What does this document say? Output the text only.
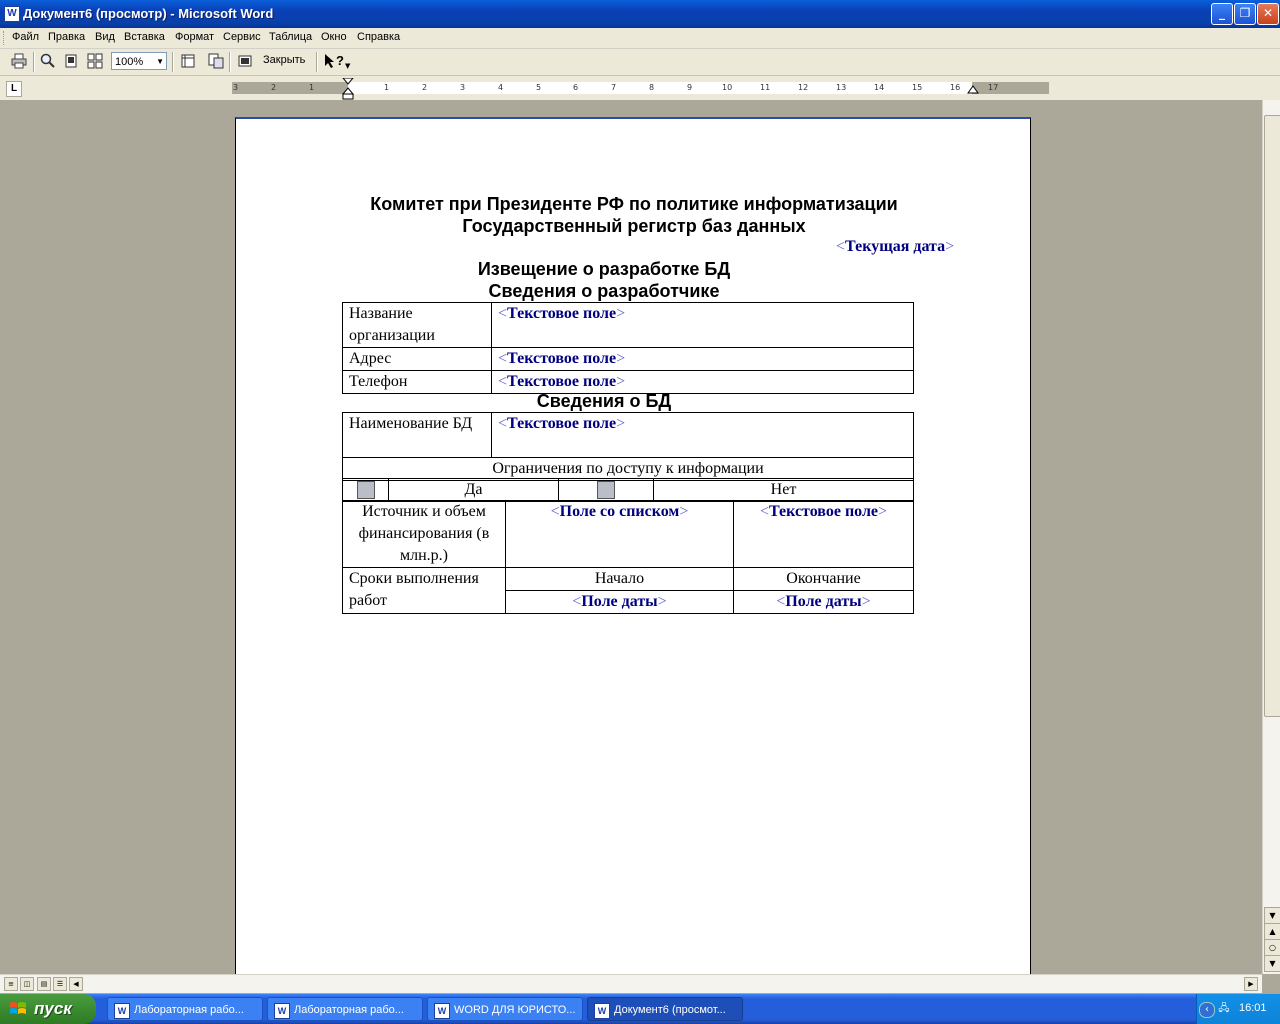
W Документ6 (просмотр) - Microsoft Word	_	❐	✕
Файл Правка Вид Вставка Формат Сервис Таблица Окно Справка
100% ▼	Закрыть ? ▼
L	3	2	1	1	2	3	4	5	6	7	8	9	10	11	12	13	14	15	16	17
Комитет при Президенте РФ по политике информатизации
Государственный регистр баз данных
<Текущая дата>
Извещение о разработке БД
Сведения о разработчике
Название организации	<Текстовое поле>
Адрес	<Текстовое поле>
Телефон	<Текстовое поле>
Сведения о БД
Наименование БД	<Текстовое поле>
Ограничения по доступу к информации
	Да		Нет
Источник и объем финансирования (в млн.р.)	<Поле со списком>	<Текстовое поле>
Сроки выполнения работ	Начало	Окончание
	<Поле даты>	<Поле даты>
▼
▲
○
▼
≡	◫	▤	☰	◀	▶
пуск	W Лабораторная рабо...	W Лабораторная рабо...	W WORD ДЛЯ ЮРИСТО...	W Документ6 (просмот...	‹ 🖧 16:01
